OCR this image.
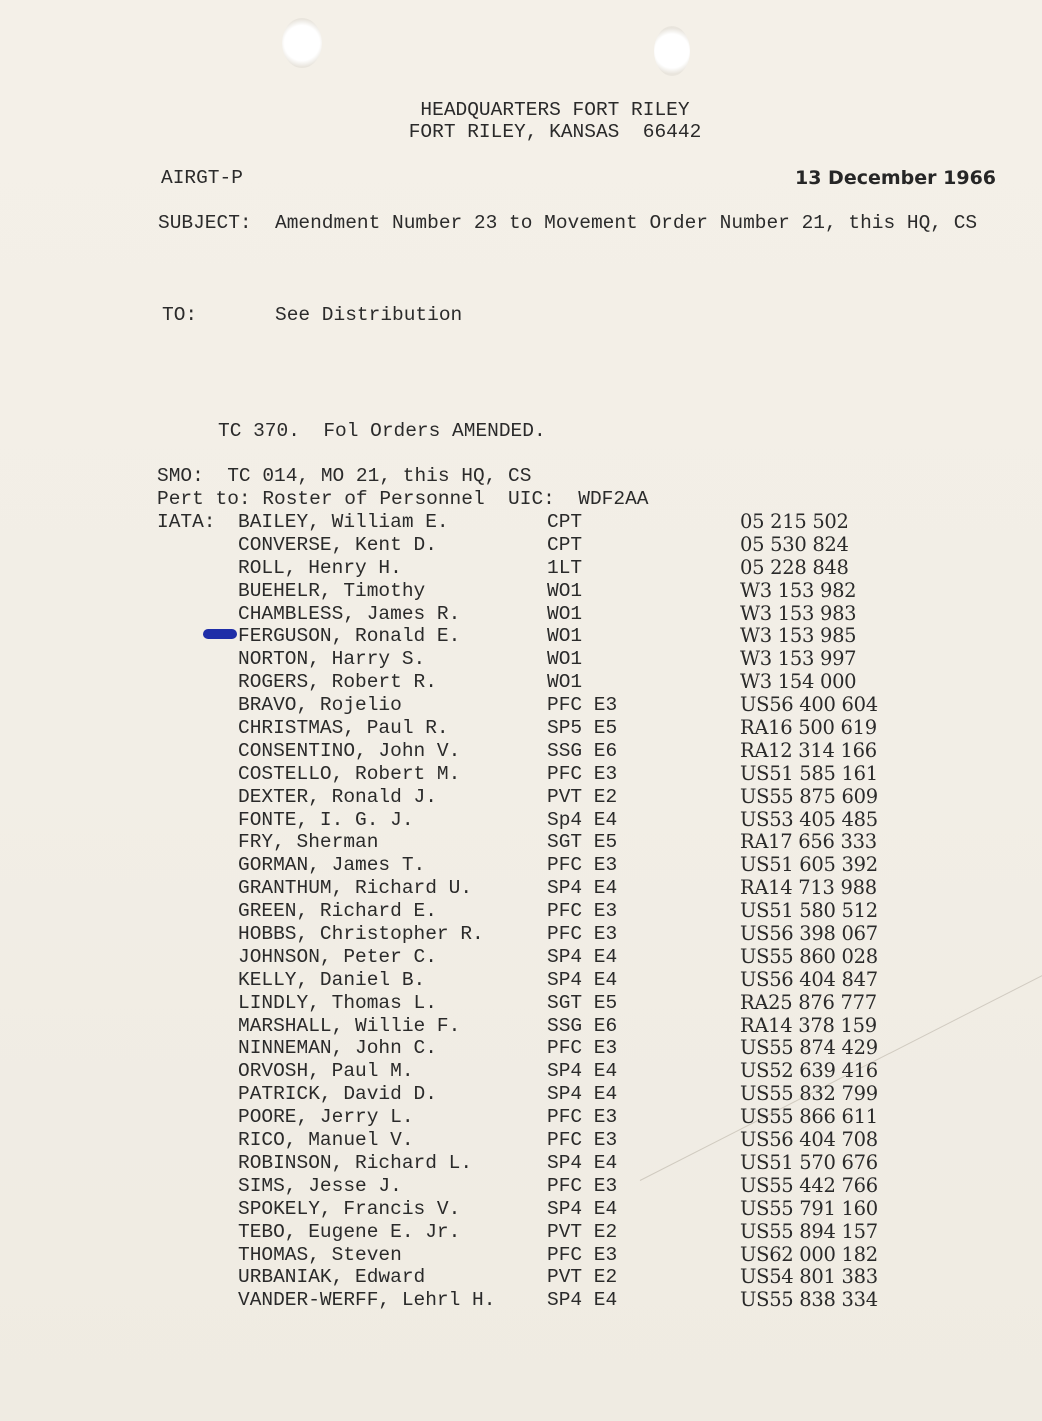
HEADQUARTERS FORT RILEY
FORT RILEY, KANSAS  66442
AIRGT-P	13 December 1966
SUBJECT: Amendment Number 23 to Movement Order Number 21, this HQ, CS
TO:	See Distribution
TC 370.  Fol Orders AMENDED.
SMO:  TC 014, MO 21, this HQ, CS
Pert to: Roster of Personnel  UIC:  WDF2AA
IATA: BAILEY, William E.	CPT	05 215 502
CONVERSE, Kent D.	CPT	05 530 824
ROLL, Henry H.	1LT	05 228 848
BUEHELR, Timothy	WO1	W3 153 982
CHAMBLESS, James R.	WO1	W3 153 983
FERGUSON, Ronald E.	WO1	W3 153 985
NORTON, Harry S.	WO1	W3 153 997
ROGERS, Robert R.	WO1	W3 154 000
BRAVO, Rojelio	PFC E3	US56 400 604
CHRISTMAS, Paul R.	SP5 E5	RA16 500 619
CONSENTINO, John V.	SSG E6	RA12 314 166
COSTELLO, Robert M.	PFC E3	US51 585 161
DEXTER, Ronald J.	PVT E2	US55 875 609
FONTE, I. G. J.	Sp4 E4	US53 405 485
FRY, Sherman	SGT E5	RA17 656 333
GORMAN, James T.	PFC E3	US51 605 392
GRANTHUM, Richard U.	SP4 E4	RA14 713 988
GREEN, Richard E.	PFC E3	US51 580 512
HOBBS, Christopher R.	PFC E3	US56 398 067
JOHNSON, Peter C.	SP4 E4	US55 860 028
KELLY, Daniel B.	SP4 E4	US56 404 847
LINDLY, Thomas L.	SGT E5	RA25 876 777
MARSHALL, Willie F.	SSG E6	RA14 378 159
NINNEMAN, John C.	PFC E3	US55 874 429
ORVOSH, Paul M.	SP4 E4	US52 639 416
PATRICK, David D.	SP4 E4	US55 832 799
POORE, Jerry L.	PFC E3	US55 866 611
RICO, Manuel V.	PFC E3	US56 404 708
ROBINSON, Richard L.	SP4 E4	US51 570 676
SIMS, Jesse J.	PFC E3	US55 442 766
SPOKELY, Francis V.	SP4 E4	US55 791 160
TEBO, Eugene E. Jr.	PVT E2	US55 894 157
THOMAS, Steven	PFC E3	US62 000 182
URBANIAK, Edward	PVT E2	US54 801 383
VANDER-WERFF, Lehrl H.	SP4 E4	US55 838 334
